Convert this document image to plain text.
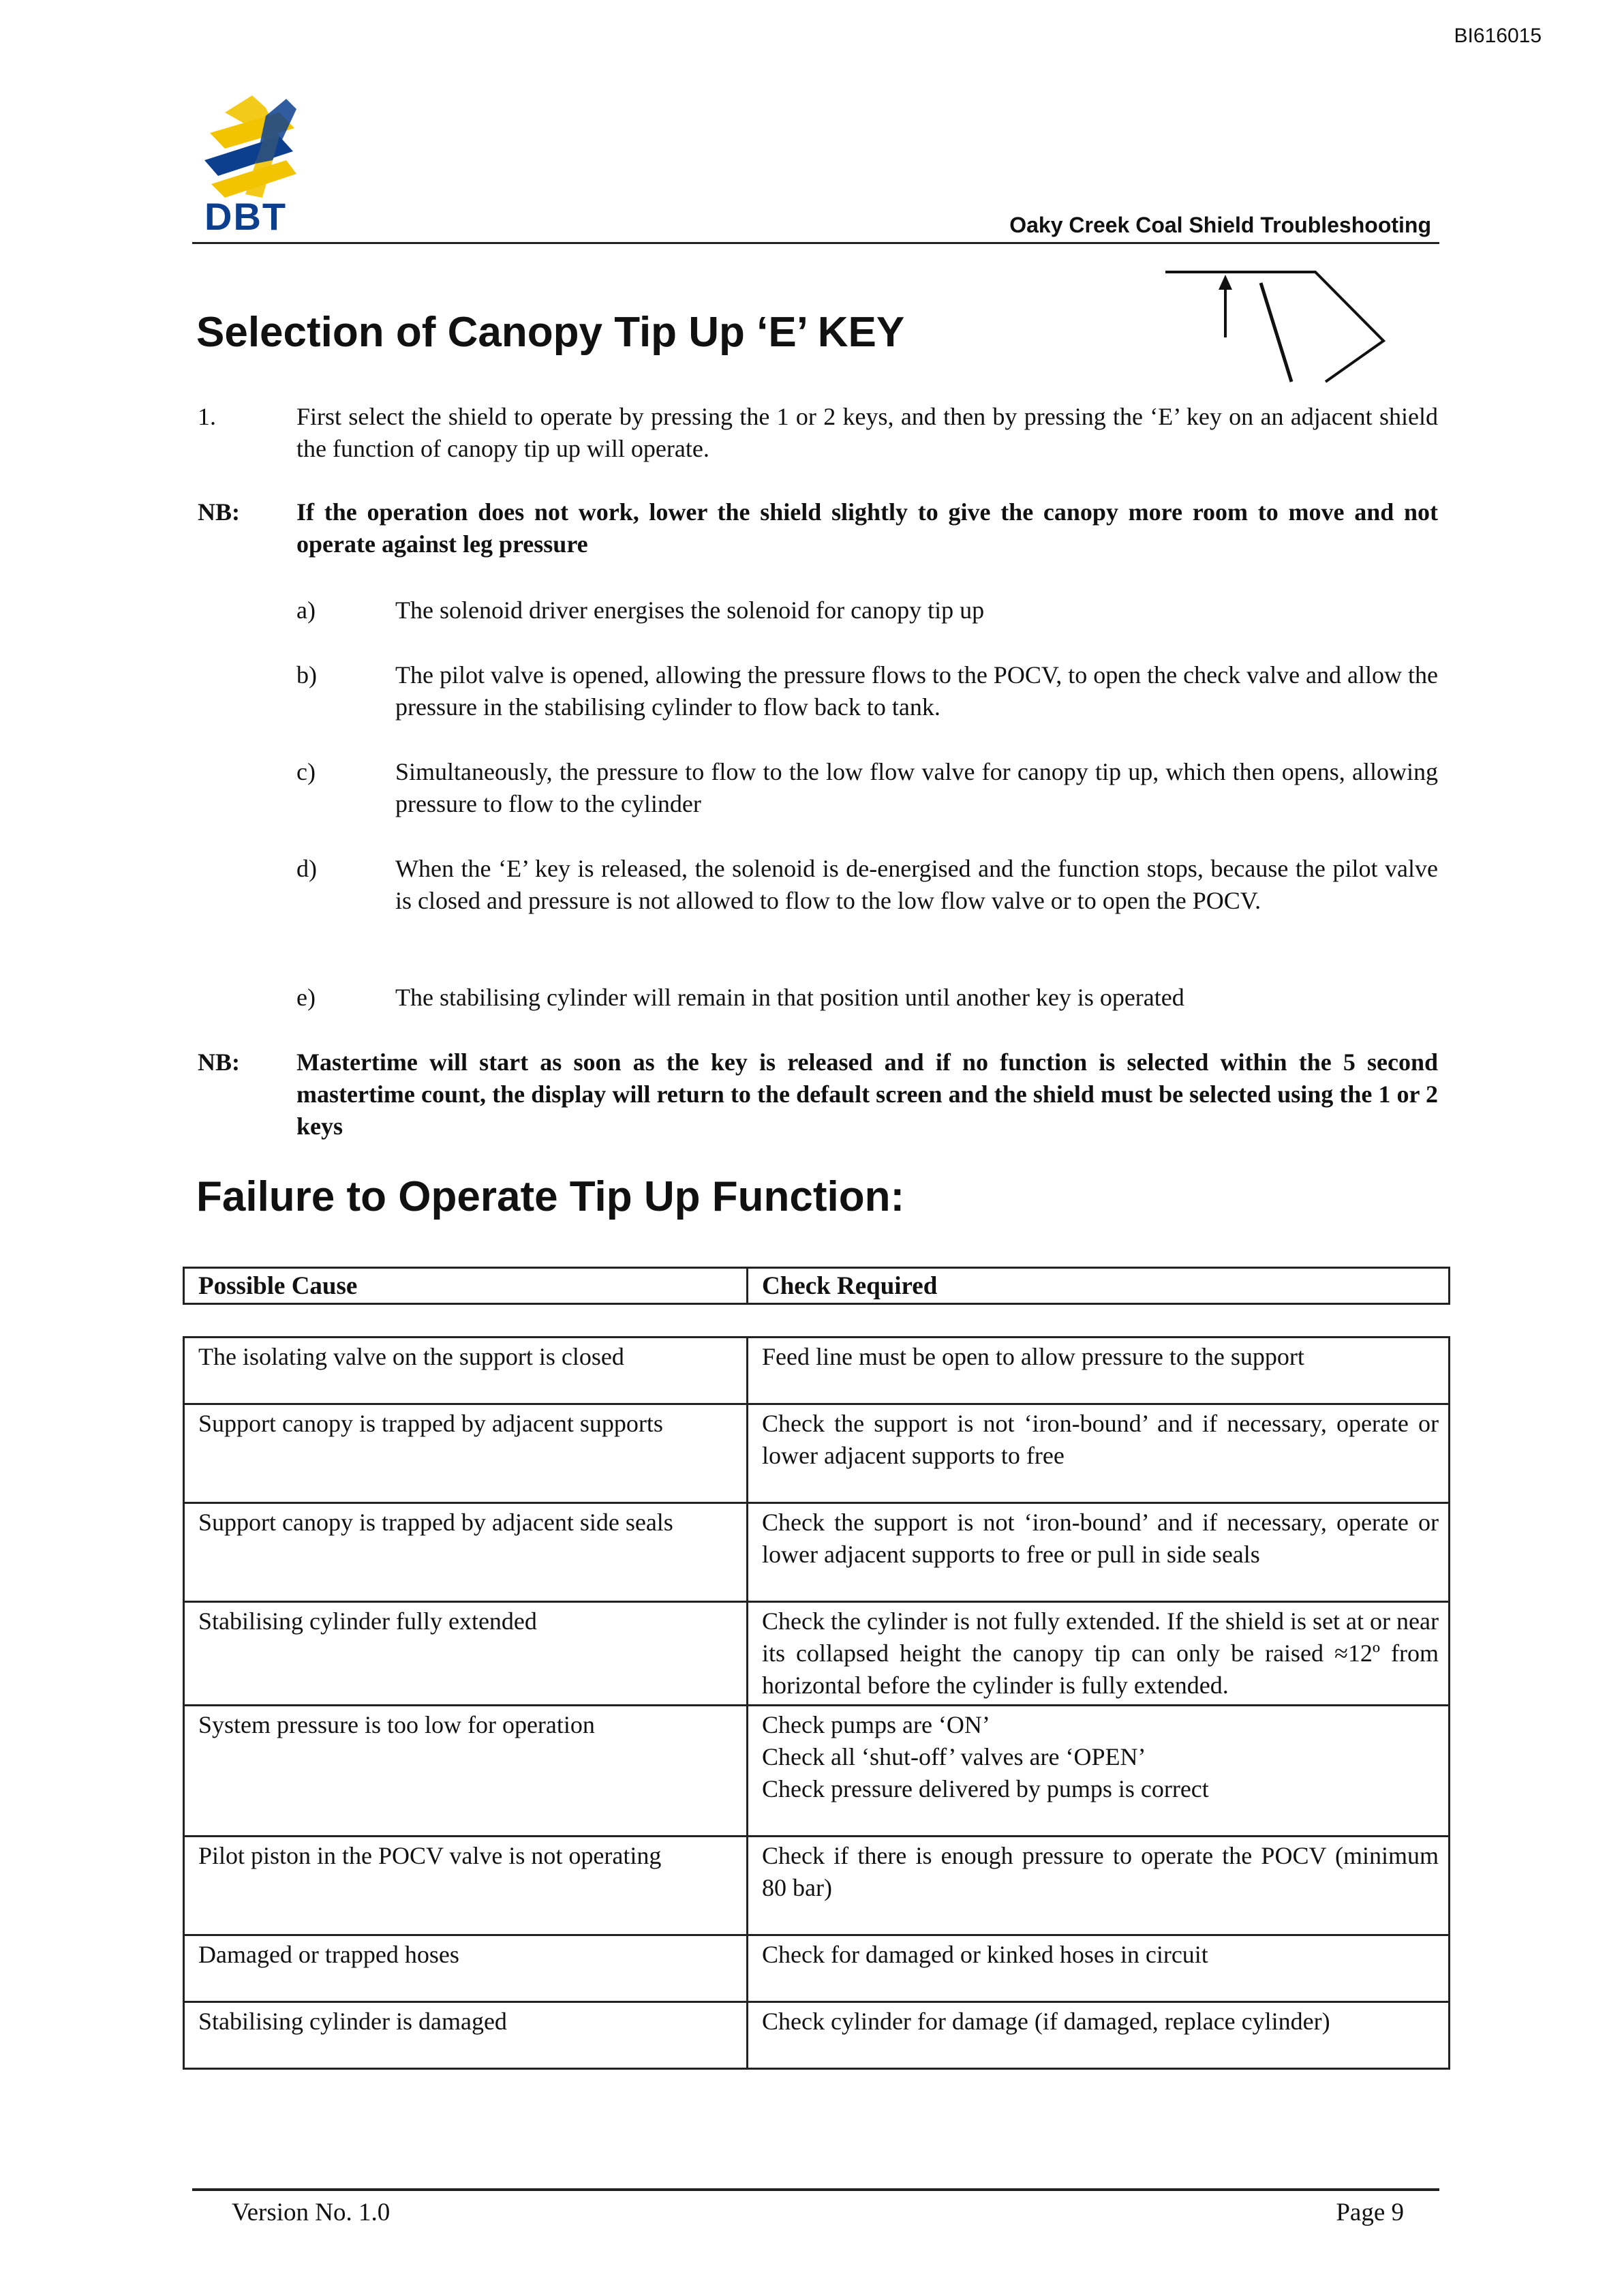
BI616015
DBT	Oaky Creek Coal Shield Troubleshooting
Selection of Canopy Tip Up ‘E’ KEY
1.	First select the shield to operate by pressing the 1 or 2 keys, and then by pressing the ‘E’ key on an adjacent shield the function of canopy tip up will operate.
NB: If the operation does not work, lower the shield slightly to give the canopy more room to move and not operate against leg pressure
a)	The solenoid driver energises the solenoid for canopy tip up
b)	The pilot valve is opened, allowing the pressure flows to the POCV, to open the check valve and allow the pressure in the stabilising cylinder to flow back to tank.
c)	Simultaneously, the pressure to flow to the low flow valve for canopy tip up, which then opens, allowing pressure to flow to the cylinder
d)	When the ‘E’ key is released, the solenoid is de-energised and the function stops, because the pilot valve is closed and pressure is not allowed to flow to the low flow valve or to open the POCV.
e)	The stabilising cylinder will remain in that position until another key is operated
NB: Mastertime will start as soon as the key is released and if no function is selected within the 5 second mastertime count, the display will return to the default screen and the shield must be selected using the 1 or 2 keys
Failure to Operate Tip Up Function:
Possible Cause	Check Required
The isolating valve on the support is closed	Feed line must be open to allow pressure to the support
Support canopy is trapped by adjacent supports	Check the support is not ‘iron-bound’ and if necessary, operate or lower adjacent supports to free
Support canopy is trapped by adjacent side seals	Check the support is not ‘iron-bound’ and if necessary, operate or lower adjacent supports to free or pull in side seals
Stabilising cylinder fully extended	Check the cylinder is not fully extended. If the shield is set at or near its collapsed height the canopy tip can only be raised ≈12º from horizontal before the cylinder is fully extended.
System pressure is too low for operation	Check pumps are ‘ON’
Check all ‘shut-off’ valves are ‘OPEN’
Check pressure delivered by pumps is correct

Pilot piston in the POCV valve is not operating	Check if there is enough pressure to operate the POCV (minimum 80 bar)
Damaged or trapped hoses	Check for damaged or kinked hoses in circuit
Stabilising cylinder is damaged	Check cylinder for damage (if damaged, replace cylinder)
Version No. 1.0	Page 9
